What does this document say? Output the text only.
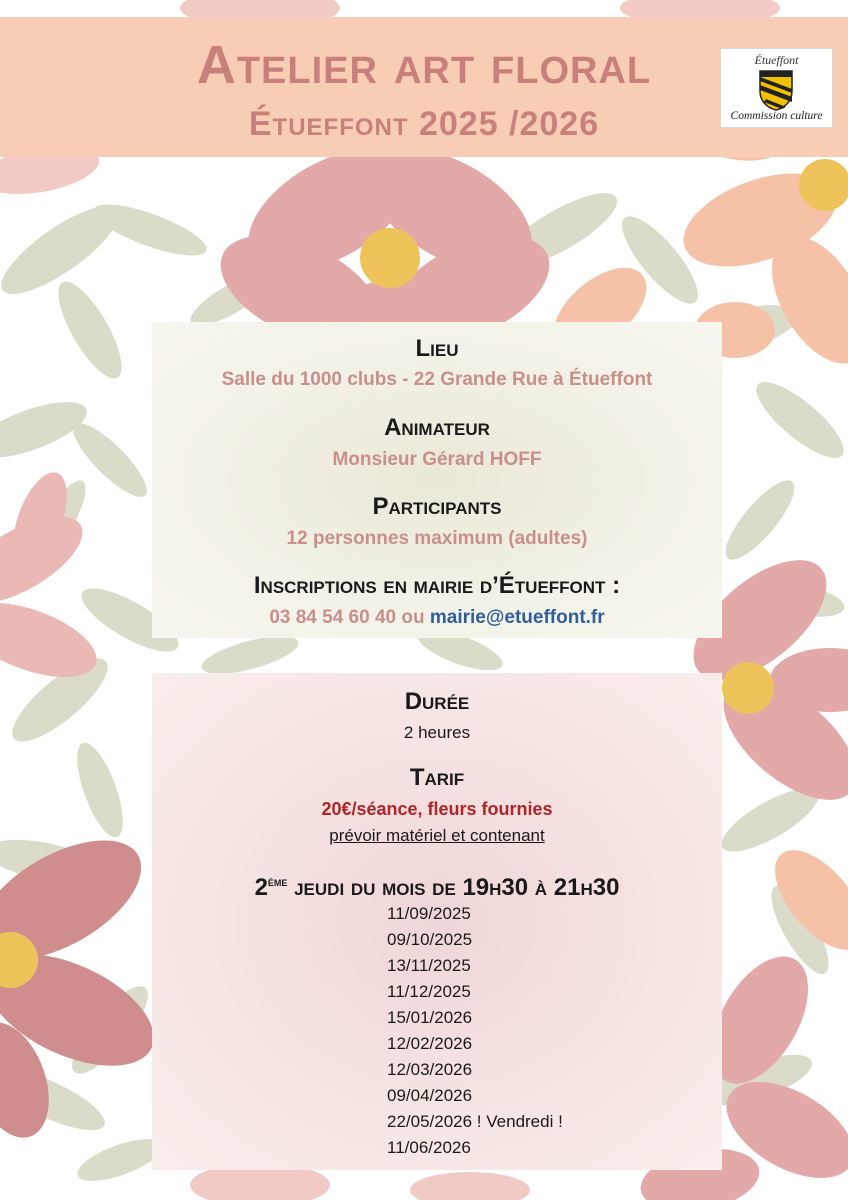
Atelier art floral
Étueffont 2025 /2026
Étueffont
Commission culture

Lieu

Salle du 1000 clubs - 22 Grande Rue à Étueffont

Animateur

Monsieur Gérard HOFF

Participants

12 personnes maximum (adultes)

Inscriptions en mairie d’Étueffont :

03 84 54 60 40 ou mairie@etueffont.fr

Durée

2 heures

Tarif

20€/séance, fleurs fournies

prévoir matériel et contenant

2ème jeudi du mois de 19h30 à 21h30

11/09/2025
09/10/2025
13/11/2025
11/12/2025
15/01/2026
12/02/2026
12/03/2026
09/04/2026
22/05/2026 ! Vendredi !
11/06/2026
